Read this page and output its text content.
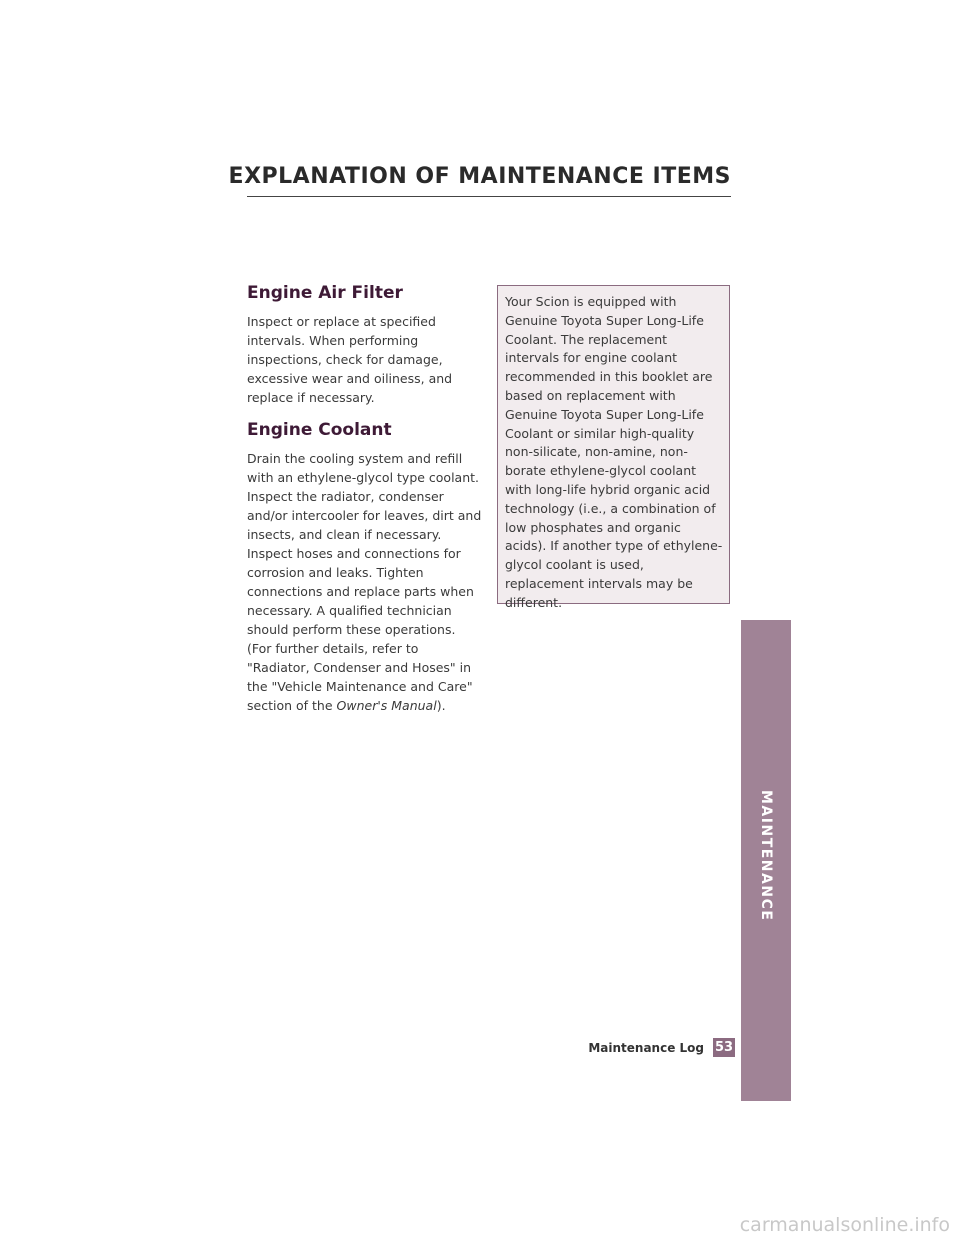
EXPLANATION OF MAINTENANCE ITEMS
Engine Air Filter

Inspect or replace at specified intervals. When performing inspections, check for damage, excessive wear and oiliness, and replace if necessary.

Engine Coolant

Drain the cooling system and refill with an ethylene-glycol type coolant. Inspect the radiator, condenser and/or intercooler for leaves, dirt and insects, and clean if necessary. Inspect hoses and connections for corrosion and leaks. Tighten connections and replace parts when necessary. A qualified technician should perform these operations. (For further details, refer to "Radiator, Condenser and Hoses" in the "Vehicle Maintenance and Care" section of the Owner's Manual).

Your Scion is equipped with Genuine Toyota Super Long-Life Coolant. The replacement intervals for engine coolant recommended in this booklet are based on replacement with Genuine Toyota Super Long-Life Coolant or similar high-quality non-silicate, non-amine, non-borate ethylene-glycol coolant with long-life hybrid organic acid technology (i.e., a combination of low phosphates and organic acids). If another type of ethylene-glycol coolant is used, replacement intervals may be different.

MAINTENANCE
Maintenance Log 53
carmanualsonline.info
